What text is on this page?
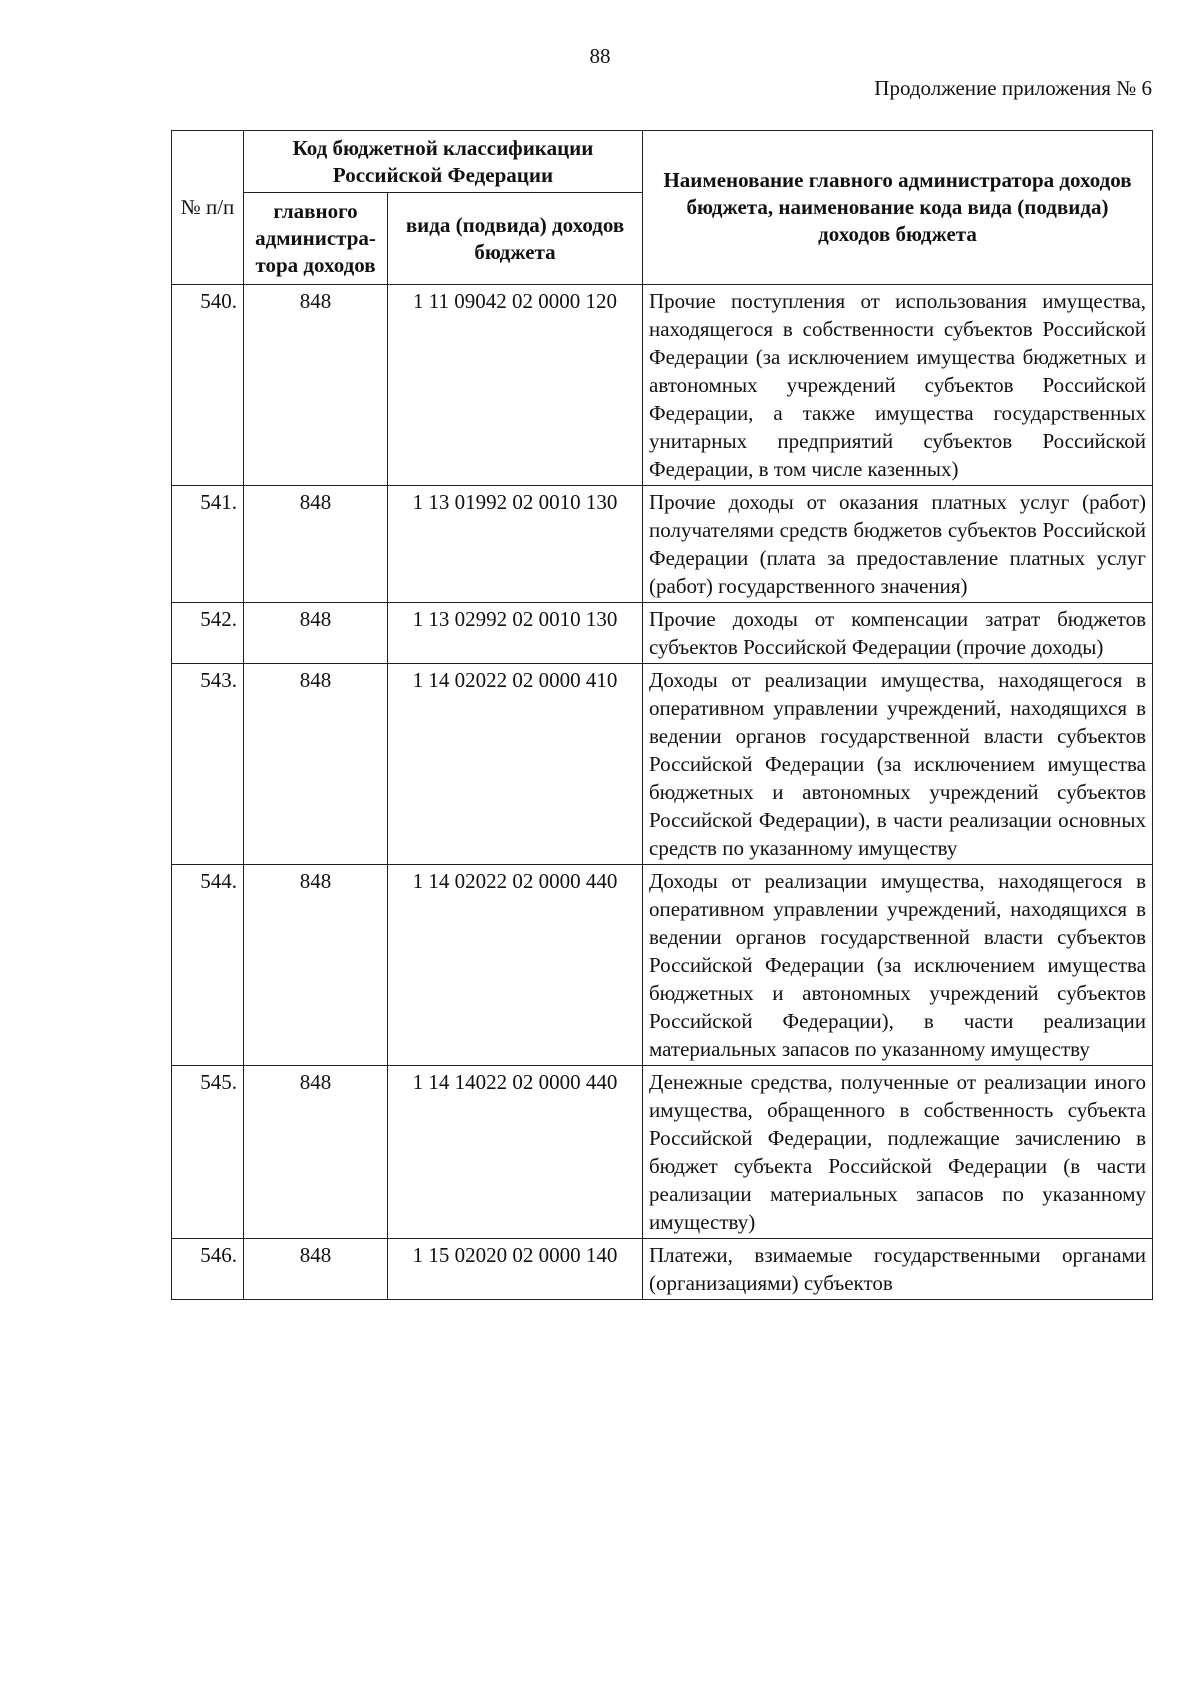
88
Продолжение приложения № 6
№ п/п	Код бюджетной классификации Российской Федерации		Наименование главного администратора доходов бюджета, наименование кода вида (подвида) доходов бюджета
	главного администра-тора доходов	вида (подвида) доходов бюджета	
540.	848	1 11 09042 02 0000 120	Прочие поступления от использования имущества, находящегося в собственности субъектов Российской Федерации (за исключением имущества бюджетных и автономных учреждений субъектов Российской Федерации, а также имущества государственных унитарных предприятий субъектов Российской Федерации, в том числе казенных)
541.	848	1 13 01992 02 0010 130	Прочие доходы от оказания платных услуг (работ) получателями средств бюджетов субъектов Российской Федерации (плата за предоставление платных услуг (работ) государственного значения)
542.	848	1 13 02992 02 0010 130	Прочие доходы от компенсации затрат бюджетов субъектов Российской Федерации (прочие доходы)
543.	848	1 14 02022 02 0000 410	Доходы от реализации имущества, находящегося в оперативном управлении учреждений, находящихся в ведении органов государственной власти субъектов Российской Федерации (за исключением имущества бюджетных и автономных учреждений субъектов Российской Федерации), в части реализации основных средств по указанному имуществу
544.	848	1 14 02022 02 0000 440	Доходы от реализации имущества, находящегося в оперативном управлении учреждений, находящихся в ведении органов государственной власти субъектов Российской Федерации (за исключением имущества бюджетных и автономных учреждений субъектов Российской Федерации), в части реализации материальных запасов по указанному имуществу
545.	848	1 14 14022 02 0000 440	Денежные средства, полученные от реализации иного имущества, обращенного в собственность субъекта Российской Федерации, подлежащие зачислению в бюджет субъекта Российской Федерации (в части реализации материальных запасов по указанному имуществу)
546.	848	1 15 02020 02 0000 140	Платежи, взимаемые государственными органами (организациями) субъектов
